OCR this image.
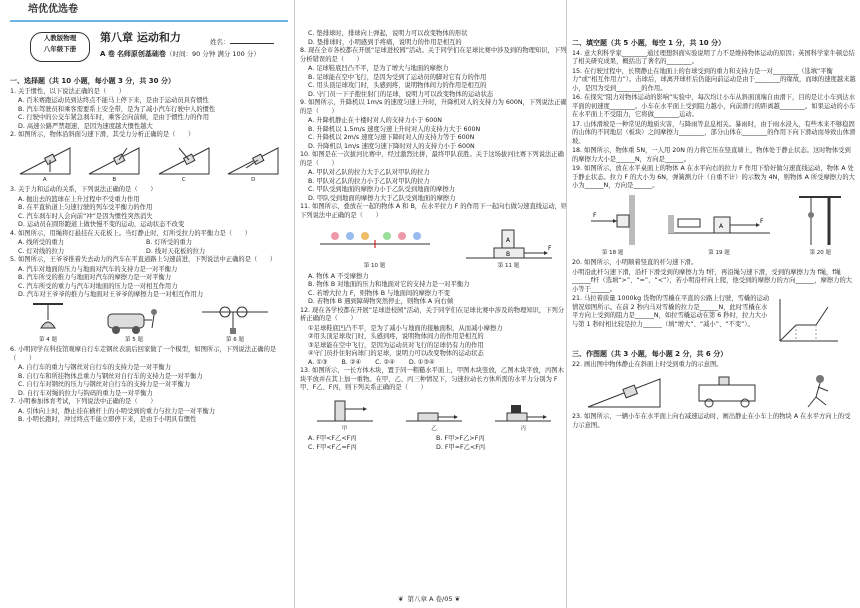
培优优选卷
人教版物理
八年级下册
第八章 运动和力	姓名：
A 卷 名师原创基础卷（时间：90 分钟 满分 100 分）
一、选择题（共 10 小题，每小题 3 分，共 30 分）
1. 关于惯性，以下说法正确的是（　　）
A. 百米赛跑运动员到达终点不能马上停下来，是由于运动员具有惯性
B. 汽车驾驶员和乘客需要系上安全带，是为了减小汽车行驶中人的惯性
C. 行驶中的公交车紧急刹车时，乘客会向前倾，是由于惯性力的作用
D. 高速公路严禁超速，是因为速度越大惯性越大
2. 如图所示，物体沿斜面匀速下滑，其受力分析正确的是（　　）
A	B	C	D
3. 关于力和运动的关系，下列说法正确的是（　　）
A. 抛出去的篮球在上升过程中不受重力作用
B. 在平直轨道上匀速行驶的列车受平衡力的作用
C. 汽车刹车时人会向前“冲”是因为惯性突然消失
D. 运动员在圆形跑道上做快慢不变的运动，运动状态不改变
4. 如图所示，用绳将灯悬挂在天花板上。当灯静止时，灯所受拉力的平衡力是（　　）
A. 线所受的重力	B. 灯所受的重力
C. 灯对线的拉力	D. 线对天花板的拉力
5. 如图所示，王爷爷推着失去动力的汽车在平直道路上匀速前进，下列说法中正确的是（　　）
A. 汽车对地面的压力与地面对汽车的支持力是一对平衡力
B. 汽车所受的推力与地面对汽车的摩擦力是一对平衡力
C. 汽车所受的重力与汽车对地面的压力是一对相互作用力
D. 汽车对王爷爷的推力与地面对王爷爷的摩擦力是一对相互作用力
第 4 题	第 5 题	第 6 题
6. 小明同学在科技馆观摩自行车走钢丝表演后回家做了一个模型，如图所示，下列说法正确的是（　　）
A. 自行车的重力与钢丝对自行车的支持力是一对平衡力
B. 自行车和所挂物体总重力与钢丝对自行车的支持力是一对平衡力
C. 自行车对钢丝的压力与钢丝对自行车的支持力是一对平衡力
D. 自行车对绳的拉力与钩码的重力是一对平衡力
7. 小明参加体育考试，下列说法中正确的是（　　）
A. 引体向上时，静止挂在横杆上的小明受到的重力与拉力是一对平衡力
B. 小明长跑时，冲过终点不能立即停下来，是由于小明具有惯性
C. 垫排球时，排球向上弹起，说明力可以改变物体的形状
D. 垫排球时，小明感到手疼痛，说明力的作用是相互的
8. 现在全市各校都在开展“足球进校园”活动。关于同学们在足球比赛中涉及到的物理知识，下列分析错误的是（　　）
A. 足球鞋底凹凸不平，是为了增大与地面的摩擦力
B. 足球能在空中飞行，是因为受到了运动员的脚对它有力的作用
C. 用头顶足球攻门时，头感到疼，说明物体间力的作用是相互的
D. 守门员一下子抱住射门的足球，说明力可以改变物体的运动状态
9. 如图所示，升降机以 1m/s 的速度匀速上升时，升降机对人的支持力为 600N，下列说法正确的是（　　）
A. 升降机静止在十楼时对人的支持力小于 600N
B. 升降机以 1.5m/s 速度匀速上升时对人的支持力大于 600N
C. 升降机以 2m/s 速度匀速下降时对人的支持力等于 600N
D. 升降机以 1m/s 速度匀速下降时对人的支持力小于 600N
10. 如图是在一次拔河比赛中，经过激烈比拼，最终甲队获胜。关于这场拔河比赛下列说法正确的是（　　）
A. 甲队对乙队的拉力大于乙队对甲队的拉力
B. 甲队对乙队的拉力小于乙队对甲队的拉力
C. 甲队受到地面的摩擦力小于乙队受到地面的摩擦力
D. 甲队受到地面的摩擦力大于乙队受到地面的摩擦力
11. 如图所示，叠放在一起的物体 A 和 B，在水平拉力 F 的作用下一起向右做匀速直线运动，则下列说法中正确的是（　　）
第 10 题
A
B
F
第 11 题
A. 物体 A 不受摩擦力
B. 物体 B 对地面的压力和地面对它的支持力是一对平衡力
C. 若增大拉力 F，则物体 B 与地面间的摩擦力不变
D. 若物体 B 遇到障碍物突然停止，则物体 A 向右倾
12. 现在各学校都在开展“足球进校园”活动，关于同学们在足球比赛中涉及的物理知识，下列分析正确的是（　　）
①足球鞋底凹凸不平，是为了减小与地面的接触面积，从而减小摩擦力
②用头顶足球攻门时，头感到疼，说明物体间力的作用是相互的
③足球能在空中飞行，是因为运动员对飞行的足球仍有力的作用
④守门员扑住射向球门的足球，说明力可以改变物体的运动状态
A. ①③ B. ②④ C. ②④ D. ①③④
13. 如图所示，一长方体木块，置于同一粗糙水平面上，甲图木块竖放，乙图木块平放，丙图木块平放并在其上加一重物。在甲、乙、丙三种情况下，匀速拉动长方体所需的水平力分别为 F甲、F乙、F丙，则下列关系正确的是（　　）
甲	乙	丙
A. F甲<F乙<F丙	B. F甲>F乙>F丙
C. F甲<F乙=F丙	D. F甲=F乙<F丙
二、填空题（共 5 小题，每空 1 分，共 10 分）
14. 意大利科学家________通过理想斜面实验说明了力不是维持物体运动的原因；英国科学家牛顿总结了相关研究成果，概括出了著名的________。
15. 在行驶过程中，长期静止在地面上的台球受到的重力和支持力是一对________（选填“平衡力”或“相互作用力”）。击球后，球离开球杆后仍能向前运动是由于________的缘故，而球的速度越来越小，是因为受到________的作用。
16. 在探究“阻力对物体运动的影响”实验中，每次均让小车从斜面顶端自由滑下，目的是让小车到达水平面的初速度________。小车在水平面上受到阻力越小，向前滑行的距离越________。如果运动的小车在水平面上不受阻力，它将做________运动。
17. 山体滑坡是一种常见的地质灾害，与降雨等息息相关。暴雨时，由于雨水浸入，有些本来不够稳固的山体的不同地层（板块）之间摩擦力________，部分山体在________的作用下向下滑动而导致山体滑坡。
18. 如图所示，物体重 5N，一人用 20N 的力将它压在竖直墙上，物体处于静止状态。这时物体受到的摩擦力大小是______N，方向是______。
19. 如图所示，放在水平桌面上的物体 A 在水平向右的拉力 F 作用下恰好做匀速直线运动，物体 A 处于静止状态。拉力 F 的大小为 6N，弹簧测力计（自重不计）的示数为 4N，则物体 A 所受摩擦力的大小为______N，方向是______。
F
第 18 题
A
F
第 19 题	第 20 题
20. 如图所示，小明顺着竖直的杆匀速下滑。
小明沿此杆匀速下滑，沿杆下滑受到的摩擦力为 f杆，再沿绳匀速下滑，受到的摩擦力为 f绳，f绳______f杆（选填“>”、“=”、“<”），若小明沿杆向上爬，他受到的摩擦力的方向______，摩擦力的大小等于______。
21. 马拉着质量 1000kg 货物的雪橇在平直的公路上行驶，雪橇的运动情况如图所示。在前 2 秒内马对雪橇的拉力是______N，此时雪橇在水平方向上受到的阻力是______N，如拉雪橇运动在第 6 秒时，拉力大小与第 1 秒时相比较是拉力______（填“增大”、“减小”、“不变”）。
三、作图题（共 3 小题，每小题 2 分，共 6 分）
22. 画出图中物体静止在斜面上时受到重力的示意图。
23. 如图所示，一辆小车在水平面上向右减速运动时，画出静止在小车上的物块 A 在水平方向上的受力示意图。
❦ 第八章 A 卷/05 ❦
